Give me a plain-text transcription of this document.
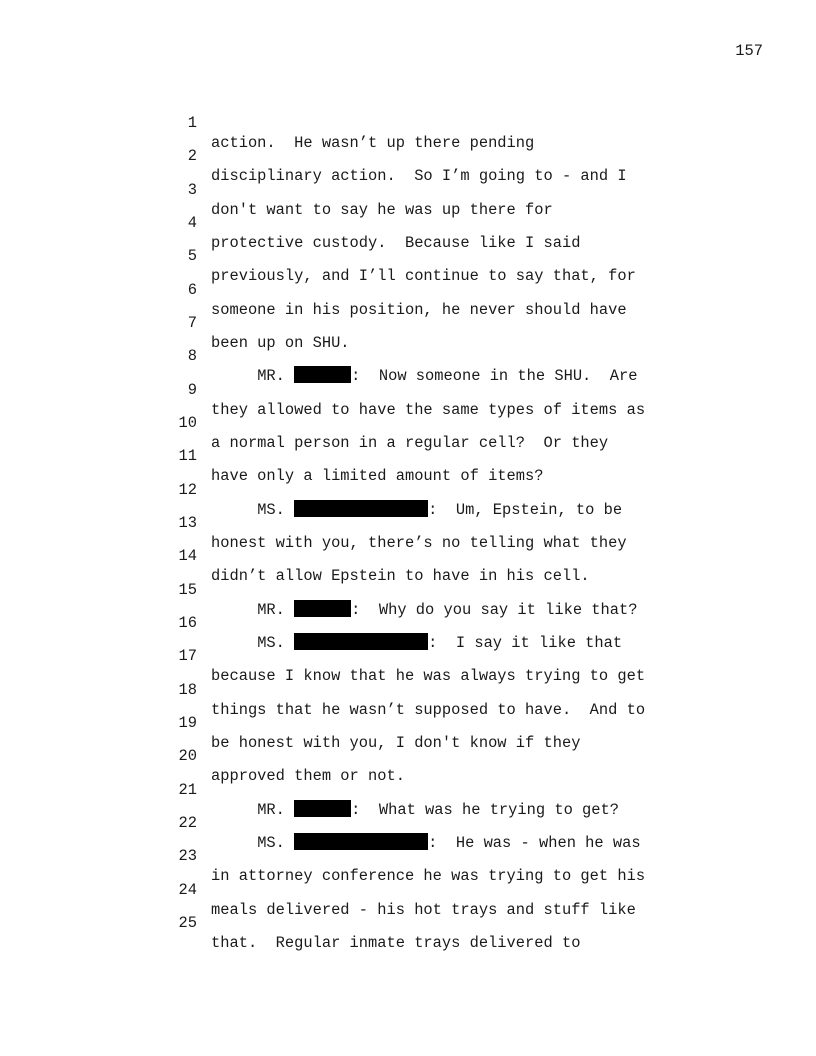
157

1

action.  He wasn’t up there pending

2

disciplinary action.  So I’m going to - and I

3

don't want to say he was up there for

4

protective custody.  Because like I said

5

previously, and I’ll continue to say that, for

6

someone in his position, he never should have

7

been up on SHU.

8

MR.	:  Now someone in the SHU.  Are

9

they allowed to have the same types of items as

10

a normal person in a regular cell?  Or they

11

have only a limited amount of items?

12

MS.	:  Um, Epstein, to be

13

honest with you, there’s no telling what they

14

didn’t allow Epstein to have in his cell.

15

MR.	:  Why do you say it like that?

16

MS.	:  I say it like that

17

because I know that he was always trying to get

18

things that he wasn’t supposed to have.  And to

19

be honest with you, I don't know if they

20

approved them or not.

21

MR.	:  What was he trying to get?

22

MS.	:  He was - when he was

23

in attorney conference he was trying to get his

24

meals delivered - his hot trays and stuff like

25

that.  Regular inmate trays delivered to
